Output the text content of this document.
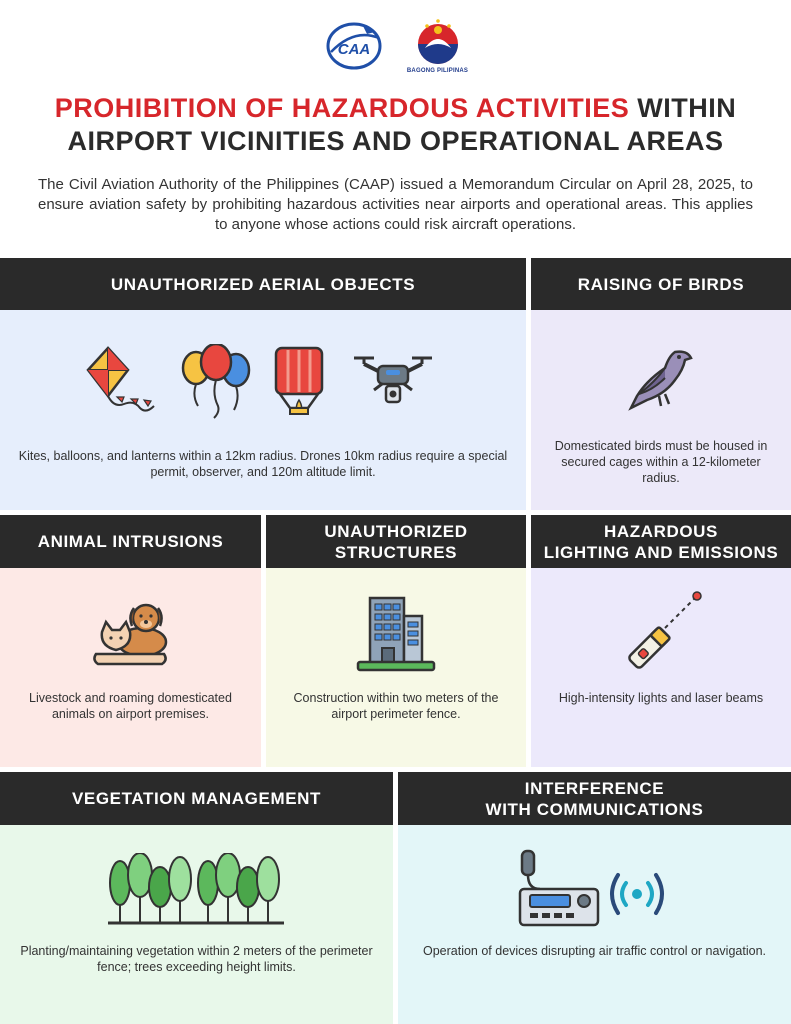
CAA
BAGONG PILIPINAS
PROHIBITION OF HAZARDOUS ACTIVITIES WITHIN
AIRPORT VICINITIES AND OPERATIONAL AREAS

The Civil Aviation Authority of the Philippines (CAAP) issued a Memorandum Circular on April 28, 2025, to ensure aviation safety by prohibiting hazardous activities near airports and operational areas. This applies to anyone whose actions could risk aircraft operations.

UNAUTHORIZED AERIAL OBJECTS
Kites, balloons, and lanterns within a 12km radius. Drones 10km radius require a special permit, observer, and 120m altitude limit.
RAISING OF BIRDS
Domesticated birds must be housed in secured cages within a 12-kilometer radius.
ANIMAL INTRUSIONS
Livestock and roaming domesticated animals on airport premises.
UNAUTHORIZED
STRUCTURES
Construction within two meters of the airport perimeter fence.
HAZARDOUS
LIGHTING AND EMISSIONS
High-intensity lights and laser beams
VEGETATION MANAGEMENT
Planting/maintaining vegetation within 2 meters of the perimeter fence; trees exceeding height limits.
INTERFERENCE
WITH COMMUNICATIONS
Operation of devices disrupting air traffic control or navigation.
